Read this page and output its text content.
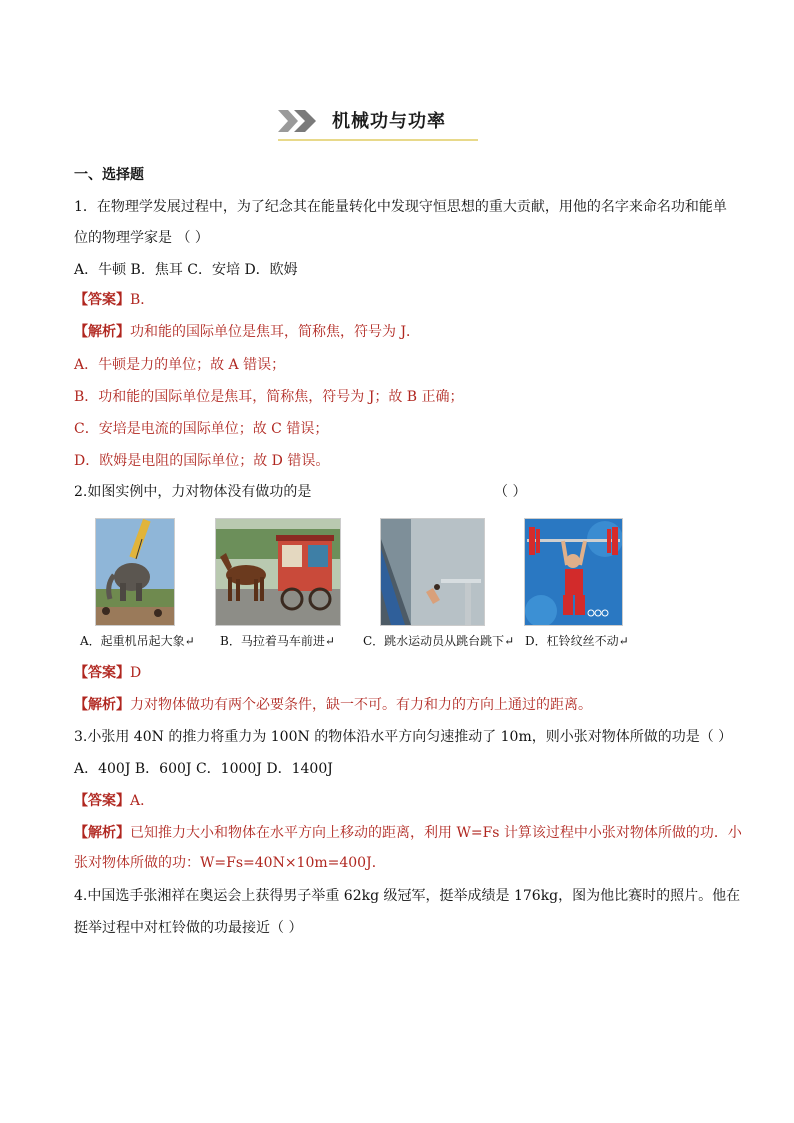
机械功与功率
一、选择题
1．在物理学发展过程中，为了纪念其在能量转化中发现守恒思想的重大贡献，用他的名字来命名功和能单
位的物理学家是 （ ）
A．牛顿 B．焦耳 C．安培 D．欧姆
【答案】B．
【解析】功和能的国际单位是焦耳，简称焦，符号为 J．
A．牛顿是力的单位；故 A 错误；
B．功和能的国际单位是焦耳，简称焦，符号为 J；故 B 正确；
C．安培是电流的国际单位；故 C 错误；
D．欧姆是电阻的国际单位；故 D 错误。
2.如图实例中，力对物体没有做功的是	（ ）
A．起重机吊起大象↵ B．马拉着马车前进↵ C．跳水运动员从跳台跳下↵ D．杠铃纹丝不动↵
【答案】D
【解析】力对物体做功有两个必要条件，缺一不可。有力和力的方向上通过的距离。
3.小张用 40N 的推力将重力为 100N 的物体沿水平方向匀速推动了 10m，则小张对物体所做的功是（ ）
A．400J B．600J C．1000J D．1400J
【答案】A．
【解析】已知推力大小和物体在水平方向上移动的距离，利用 W=Fs 计算该过程中小张对物体所做的功．小
张对物体所做的功：W=Fs=40N×10m=400J．
4.中国选手张湘祥在奥运会上获得男子举重 62kg 级冠军，挺举成绩是 176kg，图为他比赛时的照片。他在
挺举过程中对杠铃做的功最接近（ ）
